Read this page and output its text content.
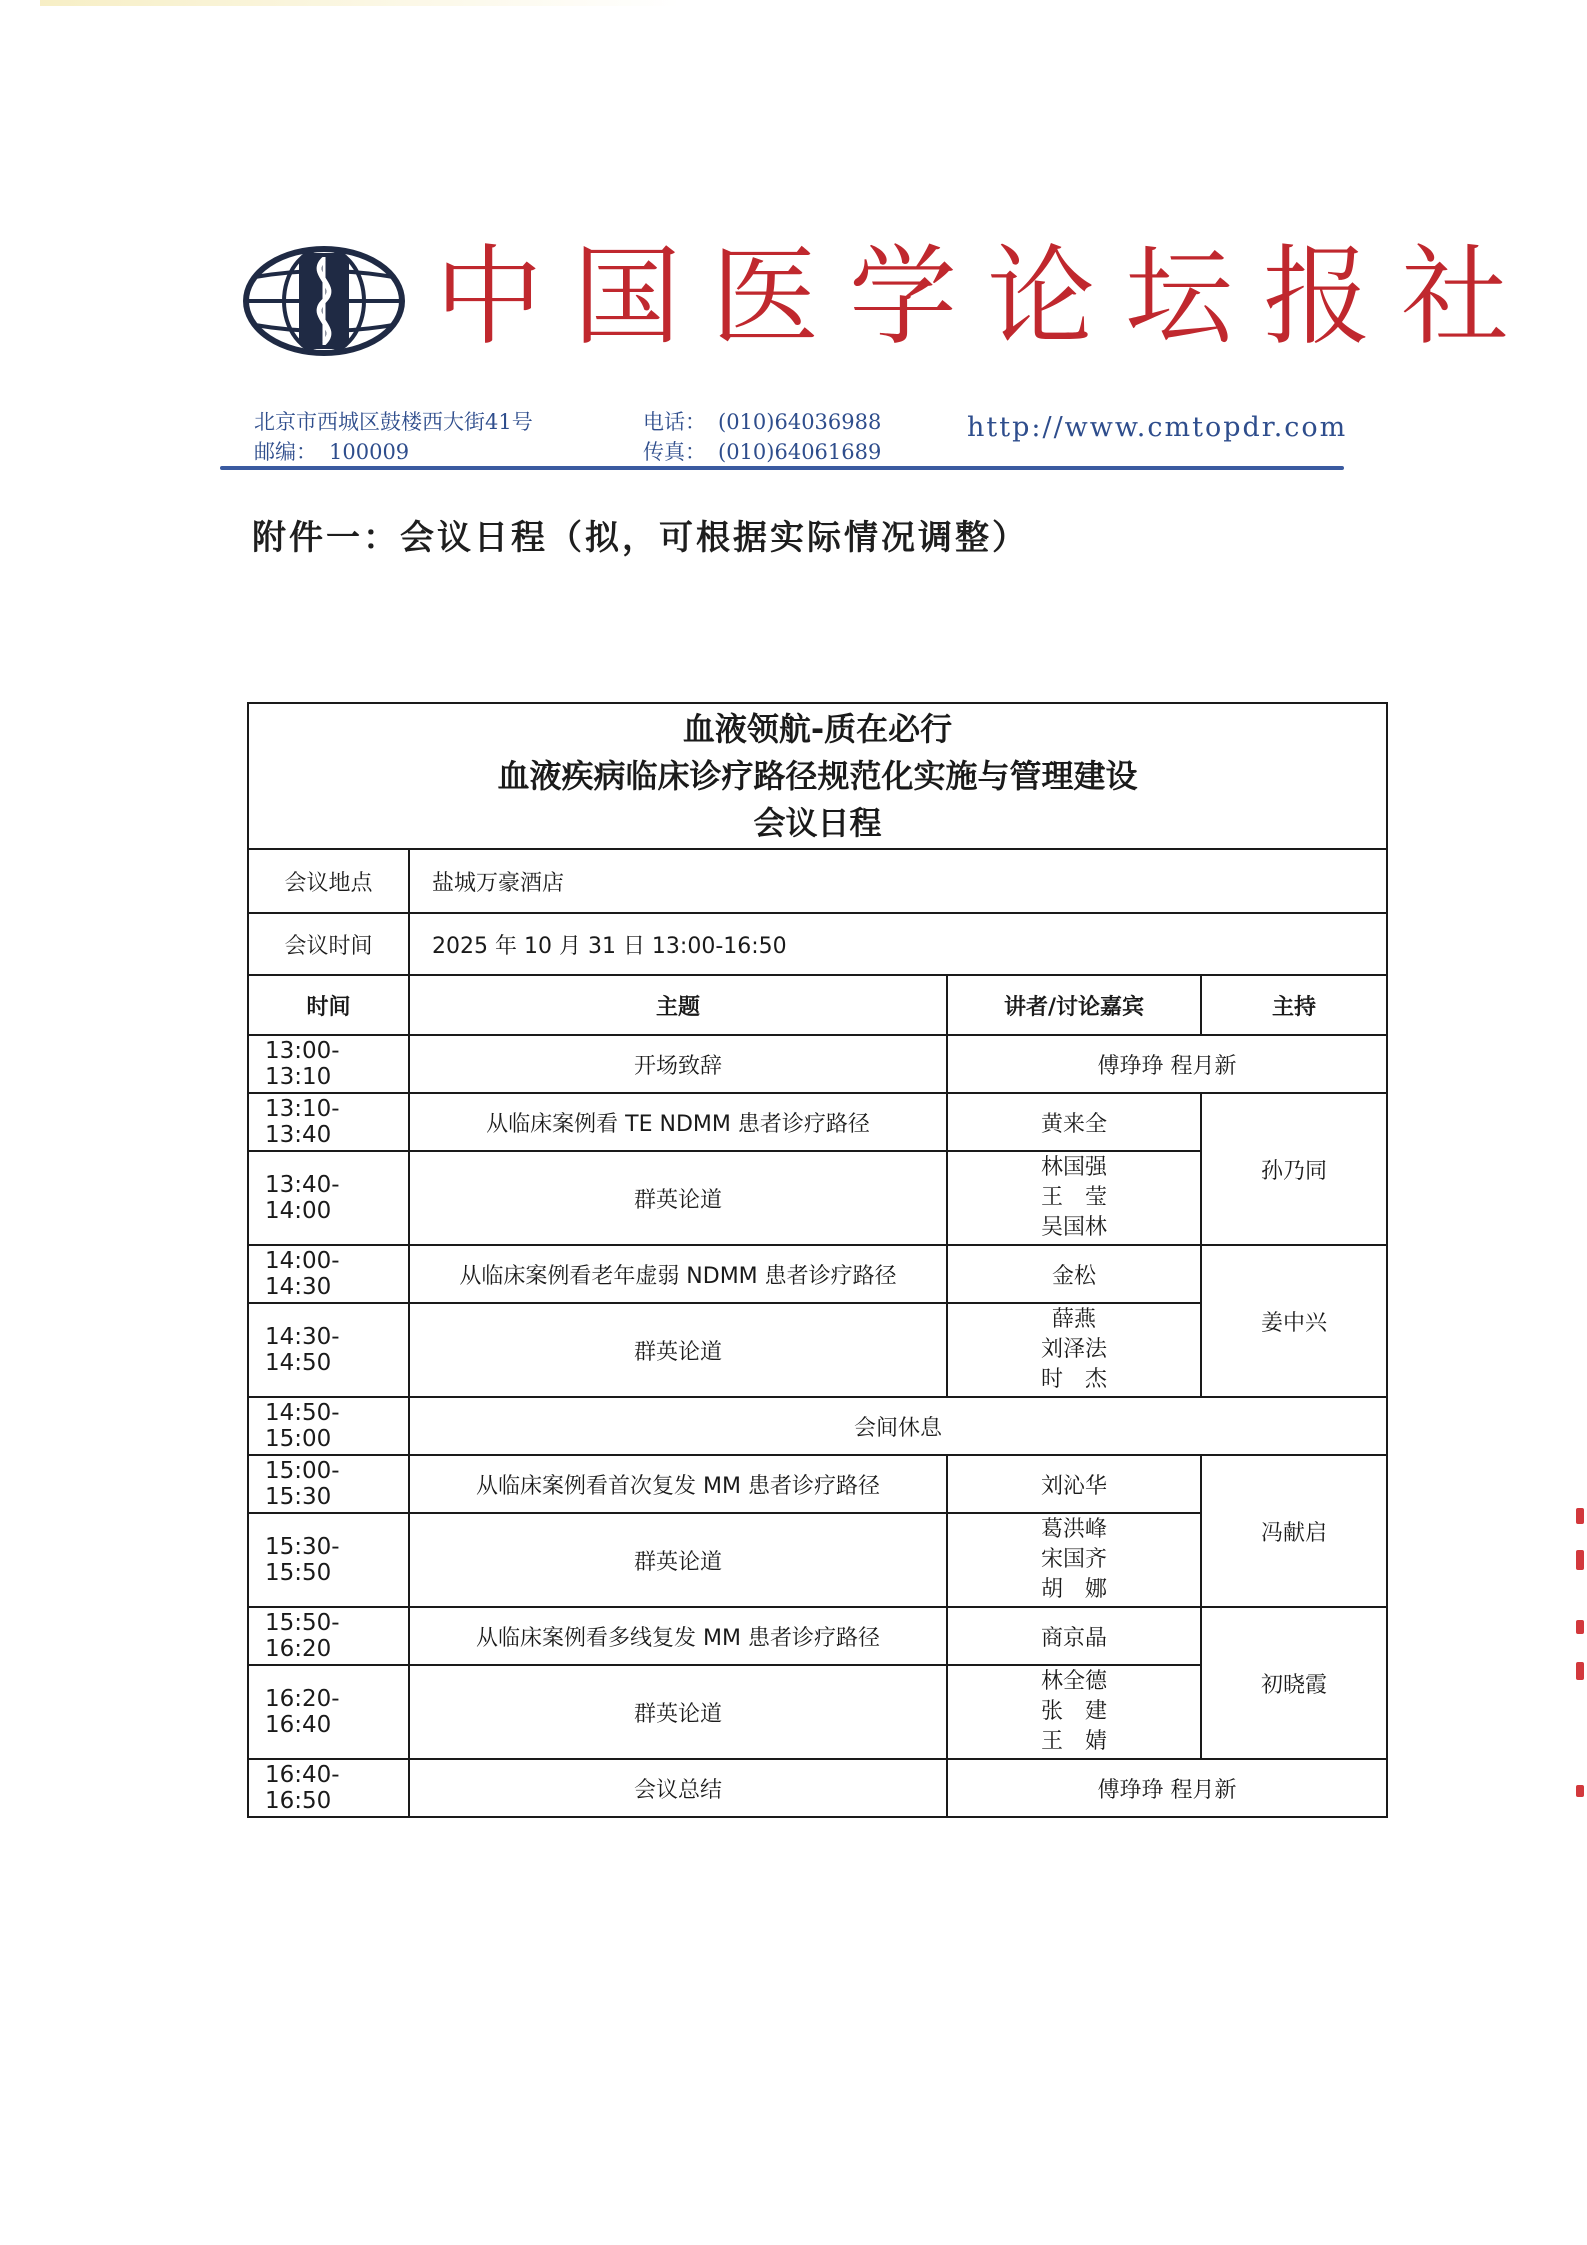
中国医学论坛报社
北京市西城区鼓楼西大街41号
邮编： 100009
电话： (010)64036988
传真： (010)64061689
http://www.cmtopdr.com
附件一：会议日程（拟，可根据实际情况调整）
血液领航-质在必行
血液疾病临床诊疗路径规范化实施与管理建设
会议日程			

会议地点	盐城万豪酒店		
会议时间	2025 年 10 月 31 日 13:00-16:50		
时间	主题	讲者/讨论嘉宾	主持
13:00-13:10	开场致辞	傅琤琤 程月新	
13:10-13:40	从临床案例看 TE NDMM 患者诊疗路径	黄来全	孙乃同
13:40-14:00	群英论道	林国强
王　莹
吴国林	

14:00-14:30	从临床案例看老年虚弱 NDMM 患者诊疗路径	金松	姜中兴
14:30-14:50	群英论道	薛燕
刘泽法
时　杰	

14:50-15:00	会间休息		
15:00-15:30	从临床案例看首次复发 MM 患者诊疗路径	刘沁华	冯献启
15:30-15:50	群英论道	葛洪峰
宋国齐
胡　娜	

15:50-16:20	从临床案例看多线复发 MM 患者诊疗路径	商京晶	初晓霞
16:20-16:40	群英论道	林全德
张　建
王　婧	

16:40-16:50	会议总结	傅琤琤 程月新	
